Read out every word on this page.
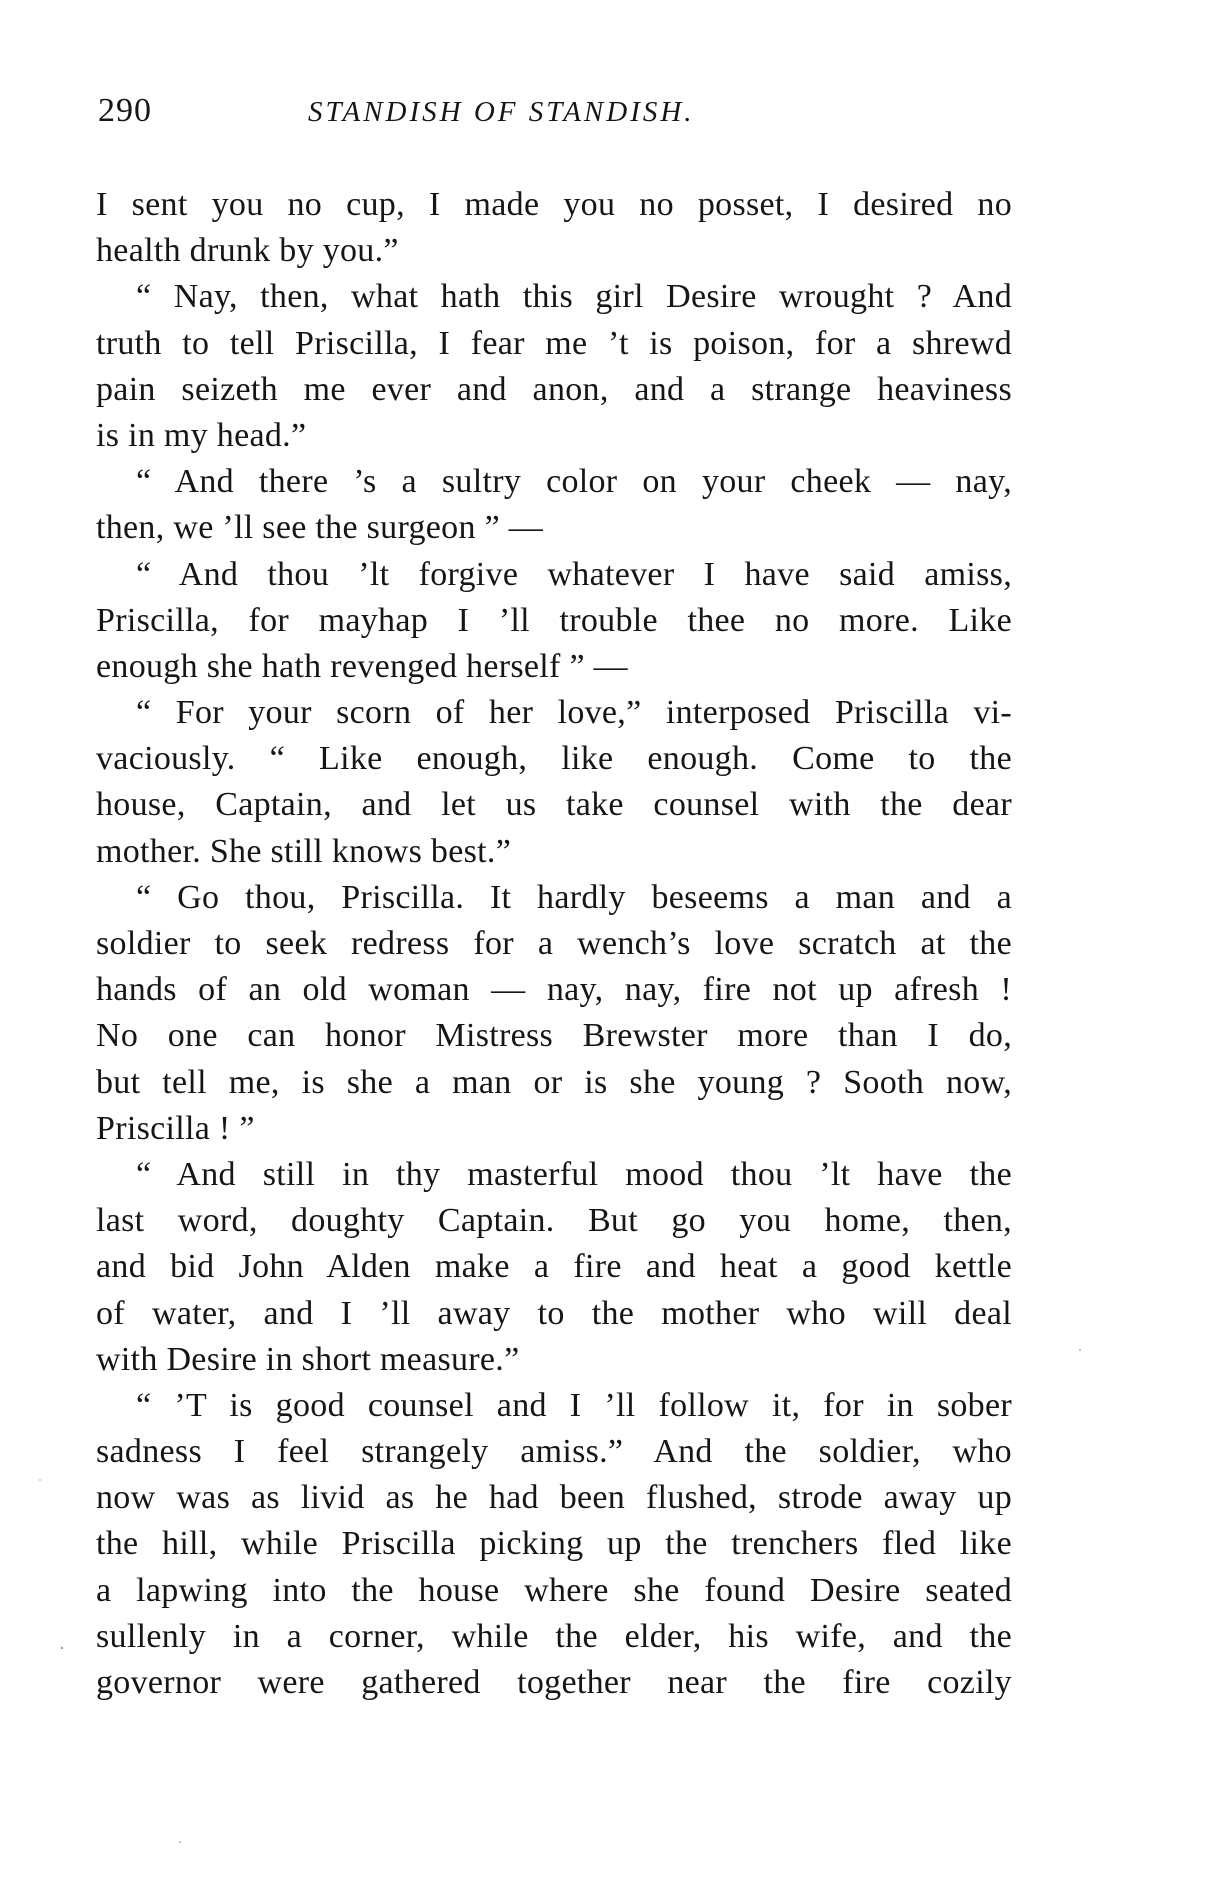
290	STANDISH OF STANDISH.
I sent you no cup, I made you no posset, I desired no
health drunk by you.”
“ Nay, then, what hath this girl Desire wrought ? And
truth to tell Priscilla, I fear me ’t is poison, for a shrewd
pain seizeth me ever and anon, and a strange heaviness
is in my head.”
“ And there ’s a sultry color on your cheek — nay,
then, we ’ll see the surgeon ” —
“ And thou ’lt forgive whatever I have said amiss,
Priscilla, for mayhap I ’ll trouble thee no more. Like
enough she hath revenged herself ” —
“ For your scorn of her love,” interposed Priscilla vi-
vaciously. “ Like enough, like enough. Come to the
house, Captain, and let us take counsel with the dear
mother. She still knows best.”
“ Go thou, Priscilla. It hardly beseems a man and a
soldier to seek redress for a wench’s love scratch at the
hands of an old woman — nay, nay, fire not up afresh !
No one can honor Mistress Brewster more than I do,
but tell me, is she a man or is she young ? Sooth now,
Priscilla ! ”
“ And still in thy masterful mood thou ’lt have the
last word, doughty Captain. But go you home, then,
and bid John Alden make a fire and heat a good kettle
of water, and I ’ll away to the mother who will deal
with Desire in short measure.”
“ ’T is good counsel and I ’ll follow it, for in sober
sadness I feel strangely amiss.” And the soldier, who
now was as livid as he had been flushed, strode away up
the hill, while Priscilla picking up the trenchers fled like
a lapwing into the house where she found Desire seated
sullenly in a corner, while the elder, his wife, and the
governor were gathered together near the fire cozily
